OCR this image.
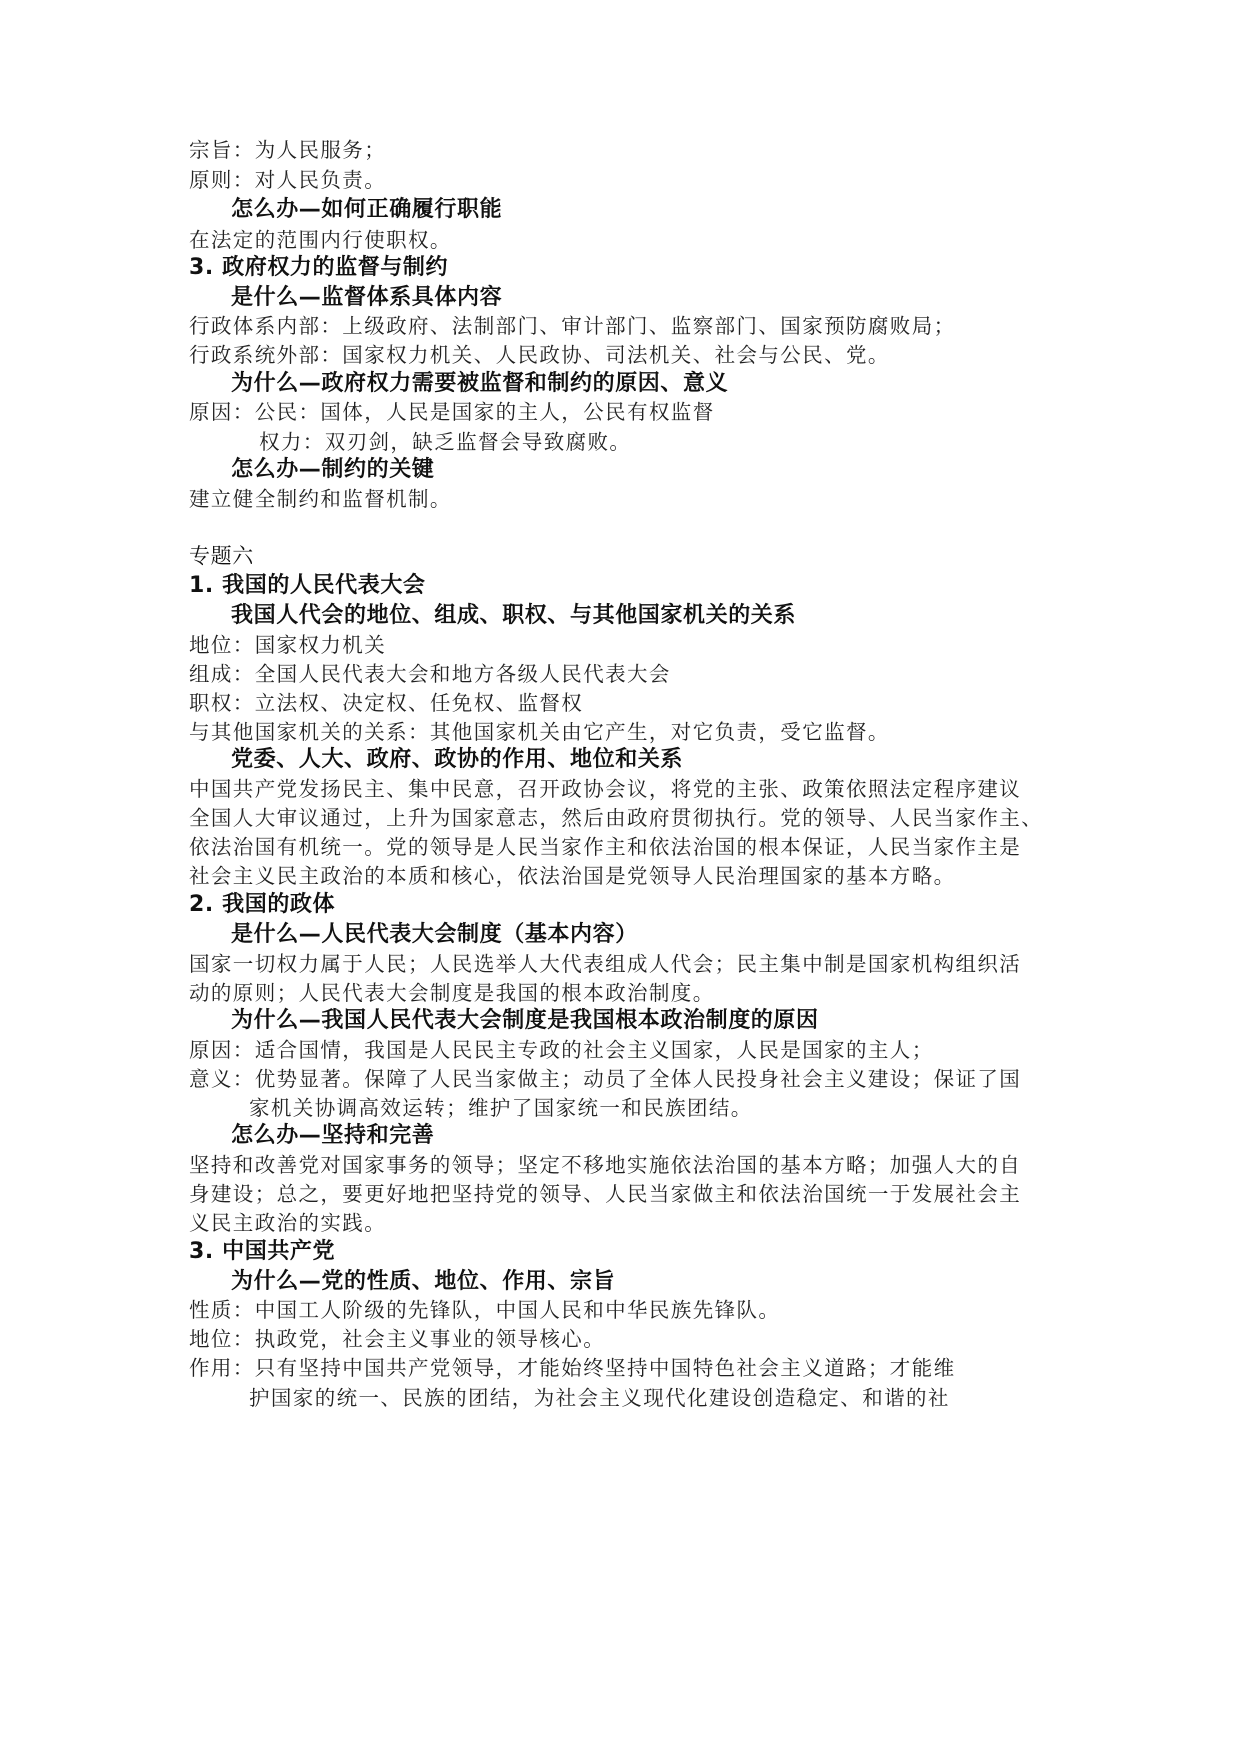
宗旨：为人民服务；
原则：对人民负责。
怎么办—如何正确履行职能
在法定的范围内行使职权。
3. 政府权力的监督与制约
是什么—监督体系具体内容
行政体系内部：上级政府、法制部门、审计部门、监察部门、国家预防腐败局；
行政系统外部：国家权力机关、人民政协、司法机关、社会与公民、党。
为什么—政府权力需要被监督和制约的原因、意义
原因：公民：国体，人民是国家的主人，公民有权监督
权力：双刃剑，缺乏监督会导致腐败。
怎么办—制约的关键
建立健全制约和监督机制。
专题六
1. 我国的人民代表大会
我国人代会的地位、组成、职权、与其他国家机关的关系
地位：国家权力机关
组成：全国人民代表大会和地方各级人民代表大会
职权：立法权、决定权、任免权、监督权
与其他国家机关的关系：其他国家机关由它产生，对它负责，受它监督。
党委、人大、政府、政协的作用、地位和关系
中国共产党发扬民主、集中民意，召开政协会议，将党的主张、政策依照法定程序建议
全国人大审议通过，上升为国家意志，然后由政府贯彻执行。党的领导、人民当家作主、
依法治国有机统一。党的领导是人民当家作主和依法治国的根本保证，人民当家作主是
社会主义民主政治的本质和核心，依法治国是党领导人民治理国家的基本方略。
2. 我国的政体
是什么—人民代表大会制度（基本内容）
国家一切权力属于人民；人民选举人大代表组成人代会；民主集中制是国家机构组织活
动的原则；人民代表大会制度是我国的根本政治制度。
为什么—我国人民代表大会制度是我国根本政治制度的原因
原因：适合国情，我国是人民民主专政的社会主义国家，人民是国家的主人；
意义：优势显著。保障了人民当家做主；动员了全体人民投身社会主义建设；保证了国
家机关协调高效运转；维护了国家统一和民族团结。
怎么办—坚持和完善
坚持和改善党对国家事务的领导；坚定不移地实施依法治国的基本方略；加强人大的自
身建设；总之，要更好地把坚持党的领导、人民当家做主和依法治国统一于发展社会主
义民主政治的实践。
3. 中国共产党
为什么—党的性质、地位、作用、宗旨
性质：中国工人阶级的先锋队，中国人民和中华民族先锋队。
地位：执政党，社会主义事业的领导核心。
作用：只有坚持中国共产党领导，才能始终坚持中国特色社会主义道路；才能维
护国家的统一、民族的团结，为社会主义现代化建设创造稳定、和谐的社
